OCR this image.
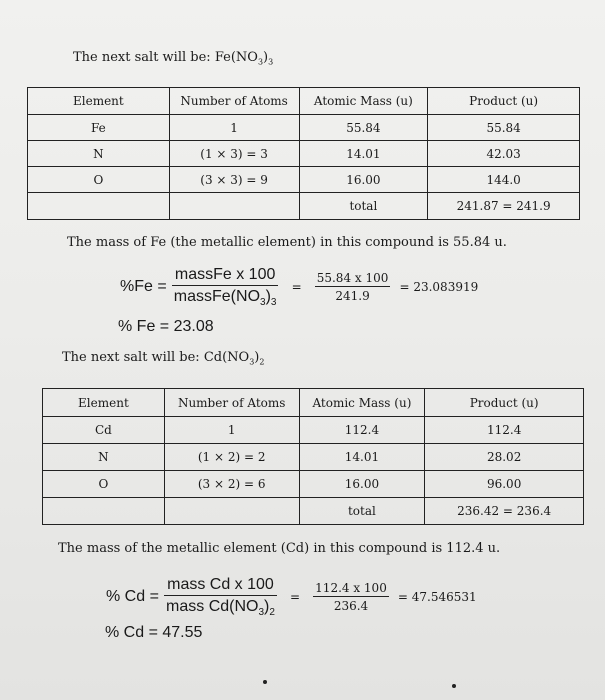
The next salt will be: $Fe(NO_3)_3$
Element	Number of Atoms	Atomic Mass (u)	Product (u)
Fe	1	55.84	55.84
N	(1 × 3) = 3	14.01	42.03
O	(3 × 3) = 9	16.00	144.0
		total	241.87 = 241.9
The mass of Fe (the metallic element) in this compound is 55.84 u.
$\%Fe = \frac{\text{massFe x 100}}{massFe(NO_3)_3} = \frac{55.84 x 100}{241.9} = 23.083919$
% Fe = 23.08
The next salt will be: $Cd(NO_3)_2$
Element	Number of Atoms	Atomic Mass (u)	Product (u)
Cd	1	112.4	112.4
N	(1 × 2) = 2	14.01	28.02
O	(3 × 2) = 6	16.00	96.00
		total	236.42 = 236.4
The mass of the metallic element (Cd) in this compound is 112.4 u.
% $Cd = \frac{\text{mass Cd x 100}}{mass Cd(NO_3)_2} = \frac{112.4 x 100}{236.4} = 47.546531$
% Cd = 47.55
